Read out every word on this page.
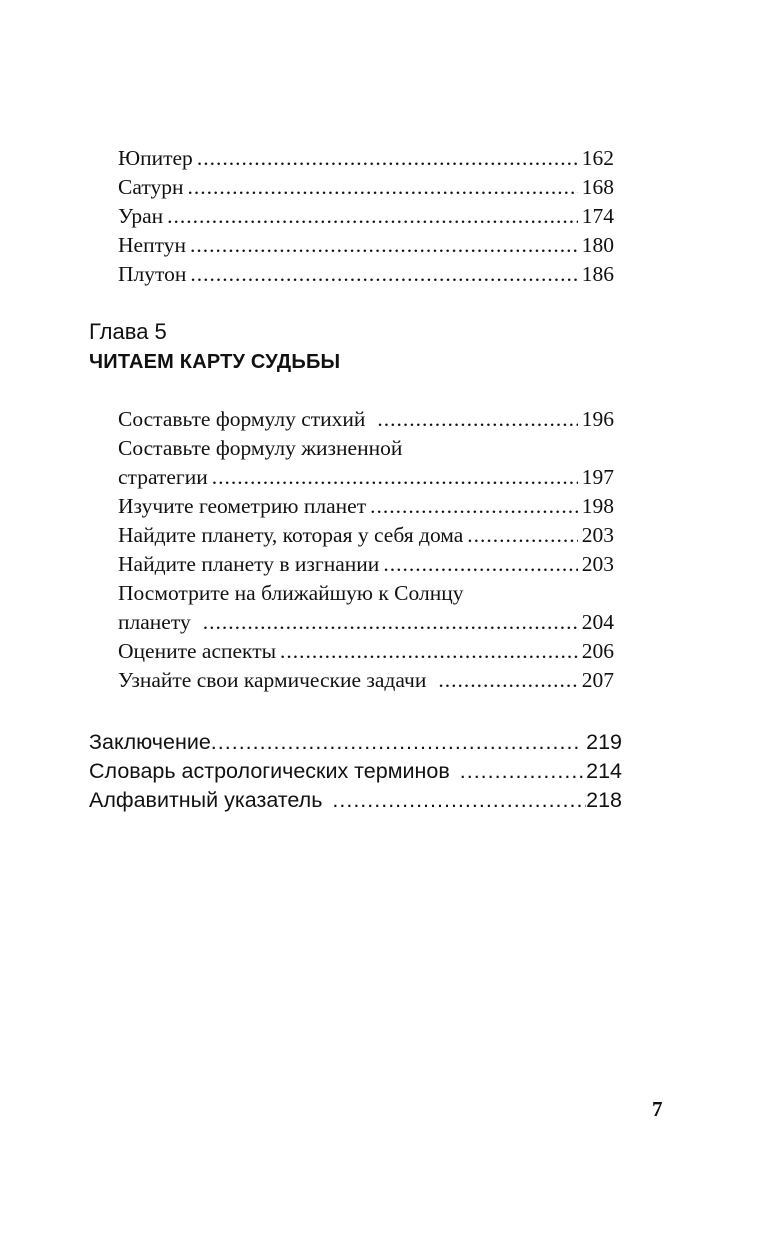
Юпитер .....	162
Сатурн .....	168
Уран .....	174
Нептун .....	180
Плутон .....	186
Глава 5
ЧИТАЕМ КАРТУ СУДЬБЫ
Составьте формулу стихий .....	196
Составьте формулу жизненной
стратегии .....	197
Изучите геометрию планет .....	198
Найдите планету, которая у себя дома .....	203
Найдите планету в изгнании .....	203
Посмотрите на ближайшую к Солнцу
планету .....	204
Оцените аспекты .....	206
Узнайте свои кармические задачи .....	207
Заключение .....	219
Словарь астрологических терминов .....	214
Алфавитный указатель .....	218
7
